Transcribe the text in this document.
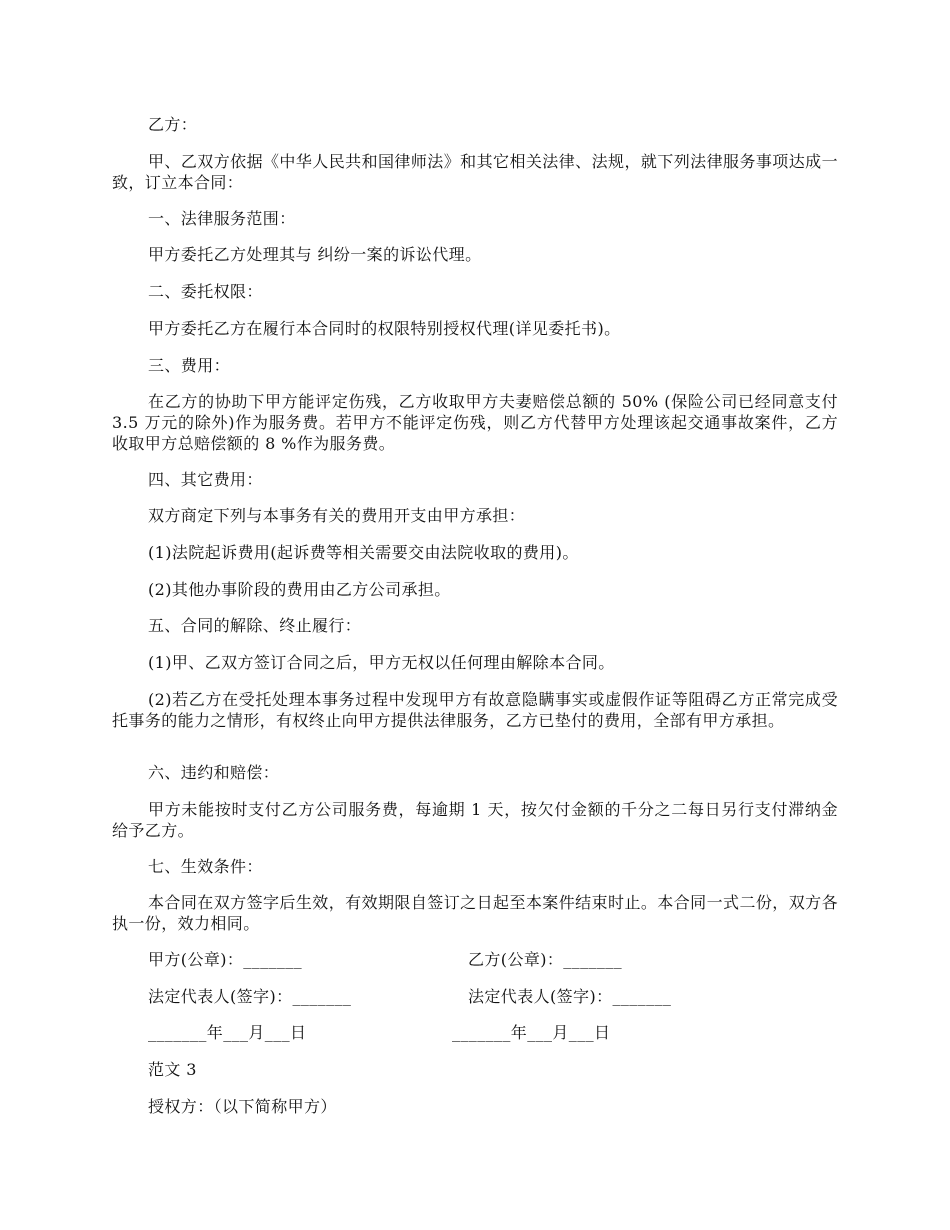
乙方：

甲、乙双方依据《中华人民共和国律师法》和其它相关法律、法规，就下列法律服务事项达成一致，订立本合同：

一、法律服务范围：

甲方委托乙方处理其与 纠纷一案的诉讼代理。

二、委托权限：

甲方委托乙方在履行本合同时的权限特别授权代理(详见委托书)。

三、费用：

在乙方的协助下甲方能评定伤残，乙方收取甲方夫妻赔偿总额的 50% (保险公司已经同意支付 3.5 万元的除外)作为服务费。若甲方不能评定伤残，则乙方代替甲方处理该起交通事故案件，乙方收取甲方总赔偿额的 8 %作为服务费。

四、其它费用：

双方商定下列与本事务有关的费用开支由甲方承担：

(1)法院起诉费用(起诉费等相关需要交由法院收取的费用)。

(2)其他办事阶段的费用由乙方公司承担。

五、合同的解除、终止履行：

(1)甲、乙双方签订合同之后，甲方无权以任何理由解除本合同。

(2)若乙方在受托处理本事务过程中发现甲方有故意隐瞒事实或虚假作证等阻碍乙方正常完成受托事务的能力之情形，有权终止向甲方提供法律服务，乙方已垫付的费用，全部有甲方承担。

六、违约和赔偿：

甲方未能按时支付乙方公司服务费，每逾期 1 天，按欠付金额的千分之二每日另行支付滞纳金给予乙方。

七、生效条件：

本合同在双方签字后生效，有效期限自签订之日起至本案件结束时止。本合同一式二份，双方各执一份，效力相同。

甲方(公章)：_______	乙方(公章)：_______
法定代表人(签字)：_______	法定代表人(签字)：_______
_______年___月___日	_______年___月___日

范文 3

授权方：（以下简称甲方）
